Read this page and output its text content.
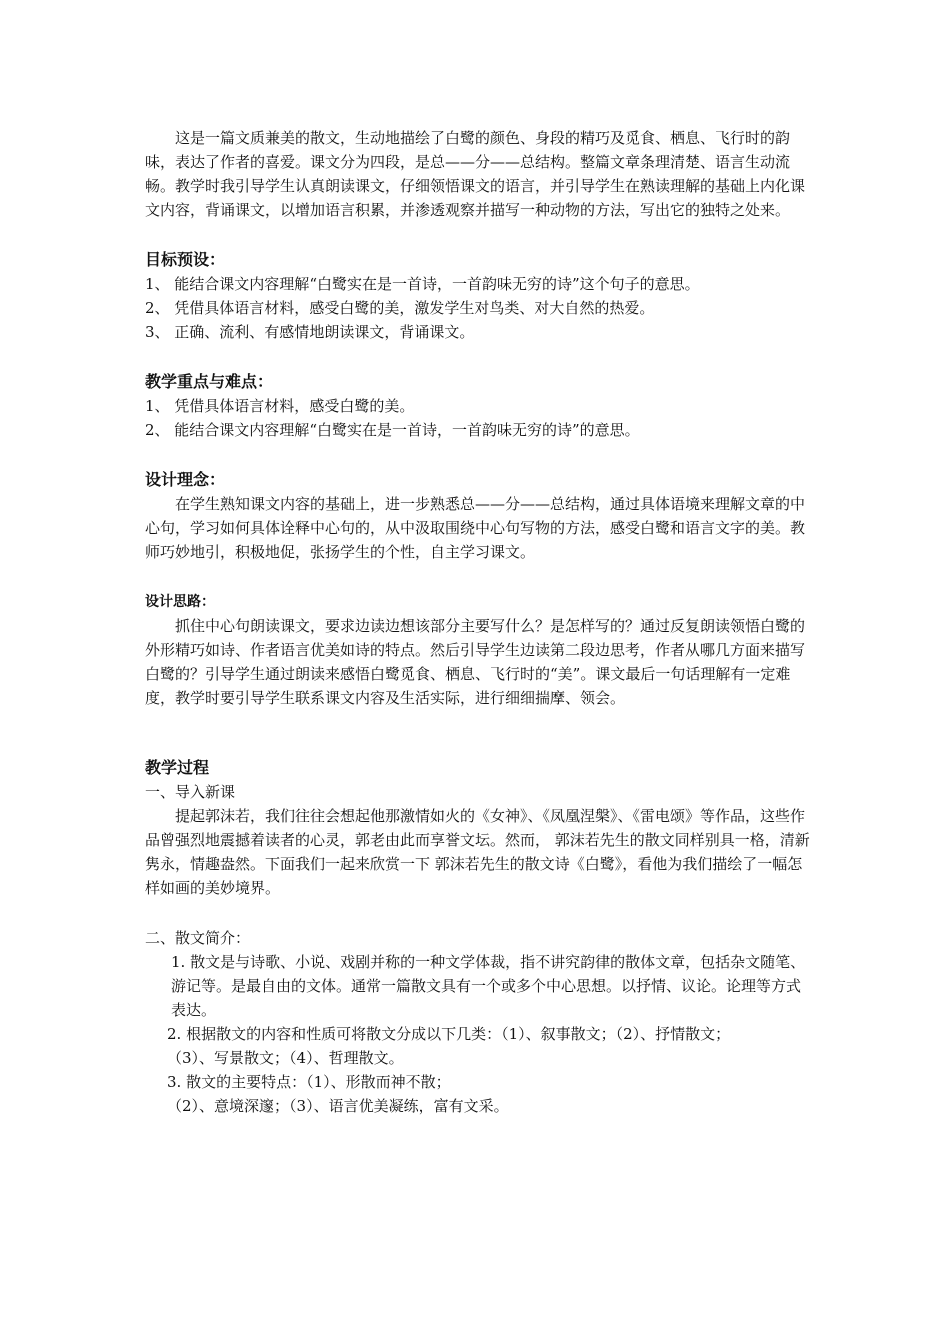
这是一篇文质兼美的散文，生动地描绘了白鹭的颜色、身段的精巧及觅食、栖息、飞行时的韵味，表达了作者的喜爱。课文分为四段，是总——分——总结构。整篇文章条理清楚、语言生动流畅。教学时我引导学生认真朗读课文，仔细领悟课文的语言，并引导学生在熟读理解的基础上内化课文内容，背诵课文，以增加语言积累，并渗透观察并描写一种动物的方法，写出它的独特之处来。

目标预设：

1、 能结合课文内容理解“白鹭实在是一首诗，一首韵味无穷的诗”这个句子的意思。
2、 凭借具体语言材料，感受白鹭的美，激发学生对鸟类、对大自然的热爱。
3、 正确、流利、有感情地朗读课文，背诵课文。

教学重点与难点：

1、 凭借具体语言材料，感受白鹭的美。
2、 能结合课文内容理解“白鹭实在是一首诗，一首韵味无穷的诗”的意思。

设计理念：

在学生熟知课文内容的基础上，进一步熟悉总——分——总结构，通过具体语境来理解文章的中心句，学习如何具体诠释中心句的，从中汲取围绕中心句写物的方法，感受白鹭和语言文字的美。教师巧妙地引，积极地促，张扬学生的个性，自主学习课文。

设计思路：

抓住中心句朗读课文，要求边读边想该部分主要写什么？是怎样写的？通过反复朗读领悟白鹭的外形精巧如诗、作者语言优美如诗的特点。然后引导学生边读第二段边思考，作者从哪几方面来描写白鹭的？引导学生通过朗读来感悟白鹭觅食、栖息、飞行时的“美”。课文最后一句话理解有一定难度，教学时要引导学生联系课文内容及生活实际，进行细细揣摩、领会。

教学过程

一、导入新课

提起郭沫若，我们往往会想起他那激情如火的《女神》、《凤凰涅槃》、《雷电颂》等作品，这些作品曾强烈地震撼着读者的心灵，郭老由此而享誉文坛。然而， 郭沫若先生的散文同样别具一格，清新隽永，情趣盎然。下面我们一起来欣赏一下 郭沫若先生的散文诗《白鹭》，看他为我们描绘了一幅怎样如画的美妙境界。

二、散文简介：

1. 散文是与诗歌、小说、戏剧并称的一种文学体裁，指不讲究韵律的散体文章，包括杂文随笔、游记等。是最自由的文体。通常一篇散文具有一个或多个中心思想。以抒情、议论。论理等方式表达。

2. 根据散文的内容和性质可将散文分成以下几类：（1）、叙事散文；（2）、抒情散文；

（3）、写景散文；（4）、哲理散文。

3. 散文的主要特点：（1）、形散而神不散；

（2）、意境深邃；（3）、语言优美凝练，富有文采。
